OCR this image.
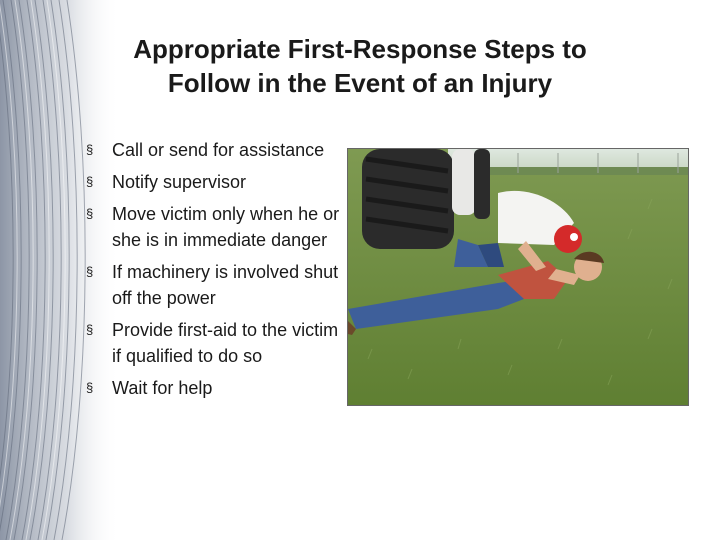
Appropriate First-Response Steps to
Follow in the Event of an Injury
§ Call or send for assistance
§ Notify supervisor
§ Move victim only when he or she is in immediate danger
§ If machinery is involved shut off the power
§ Provide first-aid to the victim if qualified to do so
§ Wait for help
